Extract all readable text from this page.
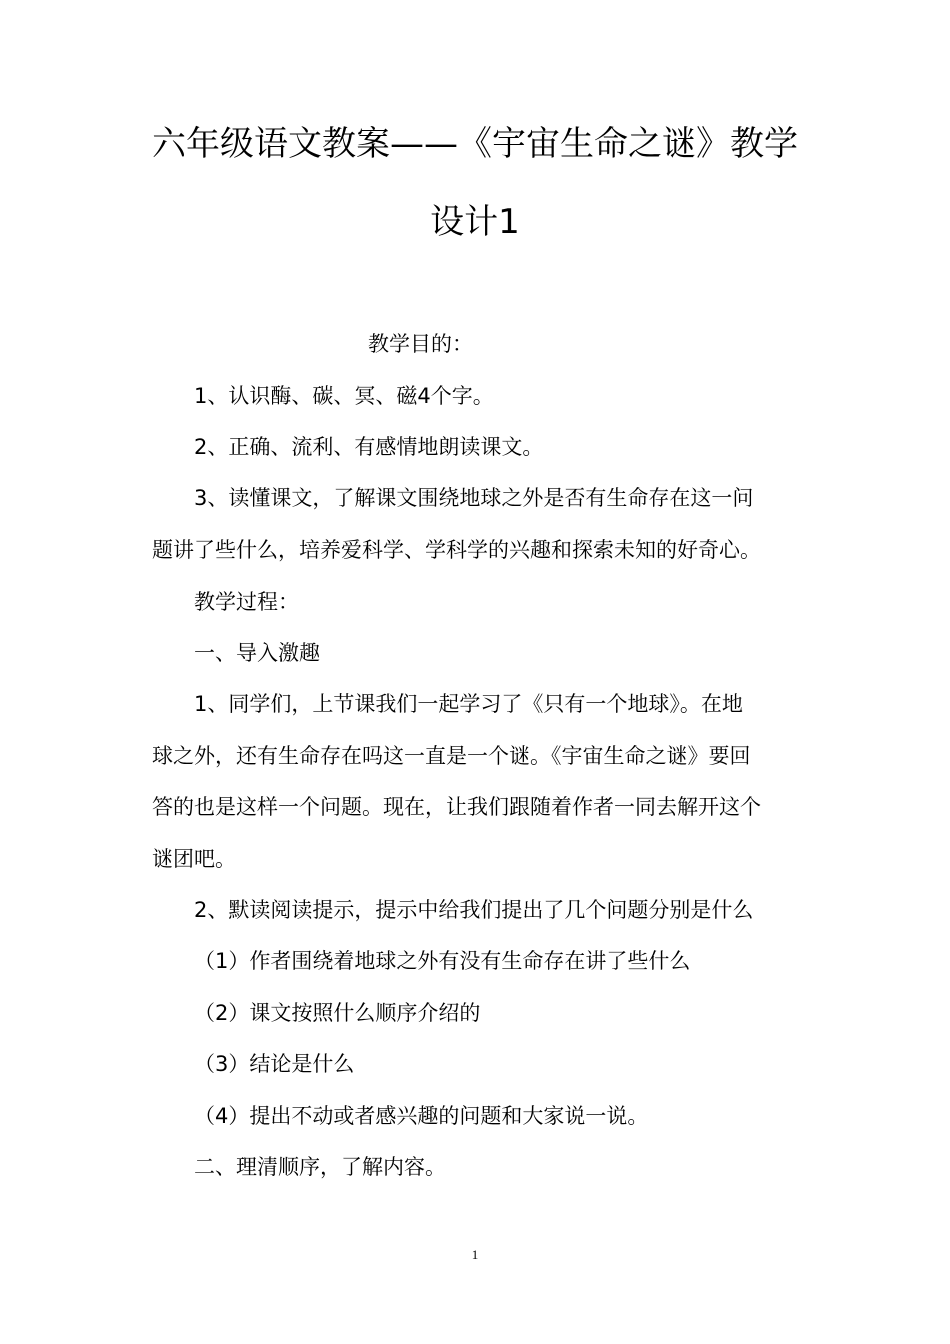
六年级语文教案——《宇宙生命之谜》教学
设计1
教学目的：
1、认识酶、碳、冥、磁4个字。
2、正确、流利、有感情地朗读课文。
3、读懂课文，了解课文围绕地球之外是否有生命存在这一问
题讲了些什么，培养爱科学、学科学的兴趣和探索未知的好奇心。
教学过程：
一、导入激趣
1、同学们，上节课我们一起学习了《只有一个地球》。在地
球之外，还有生命存在吗这一直是一个谜。《宇宙生命之谜》要回
答的也是这样一个问题。现在，让我们跟随着作者一同去解开这个
谜团吧。
2、默读阅读提示，提示中给我们提出了几个问题分别是什么
（1）作者围绕着地球之外有没有生命存在讲了些什么
（2）课文按照什么顺序介绍的
（3）结论是什么
（4）提出不动或者感兴趣的问题和大家说一说。
二、理清顺序，了解内容。
1
